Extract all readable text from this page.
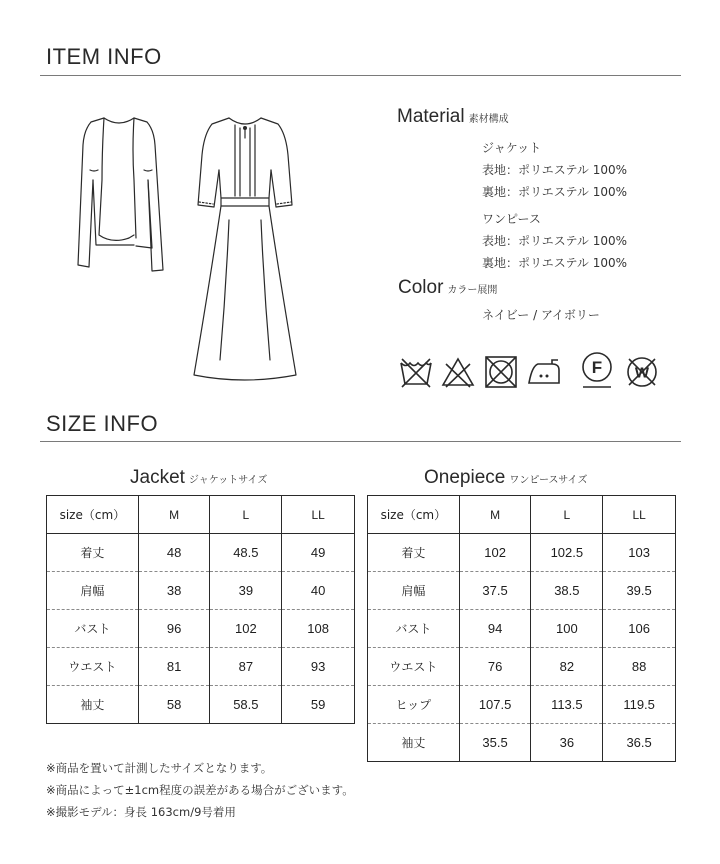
ITEM INFO
Material 素材構成
ジャケット
表地：ポリエステル 100%
裏地：ポリエステル 100%
ワンピース
表地：ポリエステル 100%
裏地：ポリエステル 100%
Color カラー展開
ネイビー / アイボリー
F W
SIZE INFO
Jacket ジャケットサイズ
size（cm）	M	L	LL
着丈	48	48.5	49
肩幅	38	39	40
バスト	96	102	108
ウエスト	81	87	93
袖丈	58	58.5	59
Onepiece ワンピースサイズ
size（cm）	M	L	LL
着丈	102	102.5	103
肩幅	37.5	38.5	39.5
バスト	94	100	106
ウエスト	76	82	88
ヒップ	107.5	113.5	119.5
袖丈	35.5	36	36.5
※商品を置いて計測したサイズとなります。
※商品によって±1cm程度の誤差がある場合がございます。
※撮影モデル：身長 163cm/9号着用
